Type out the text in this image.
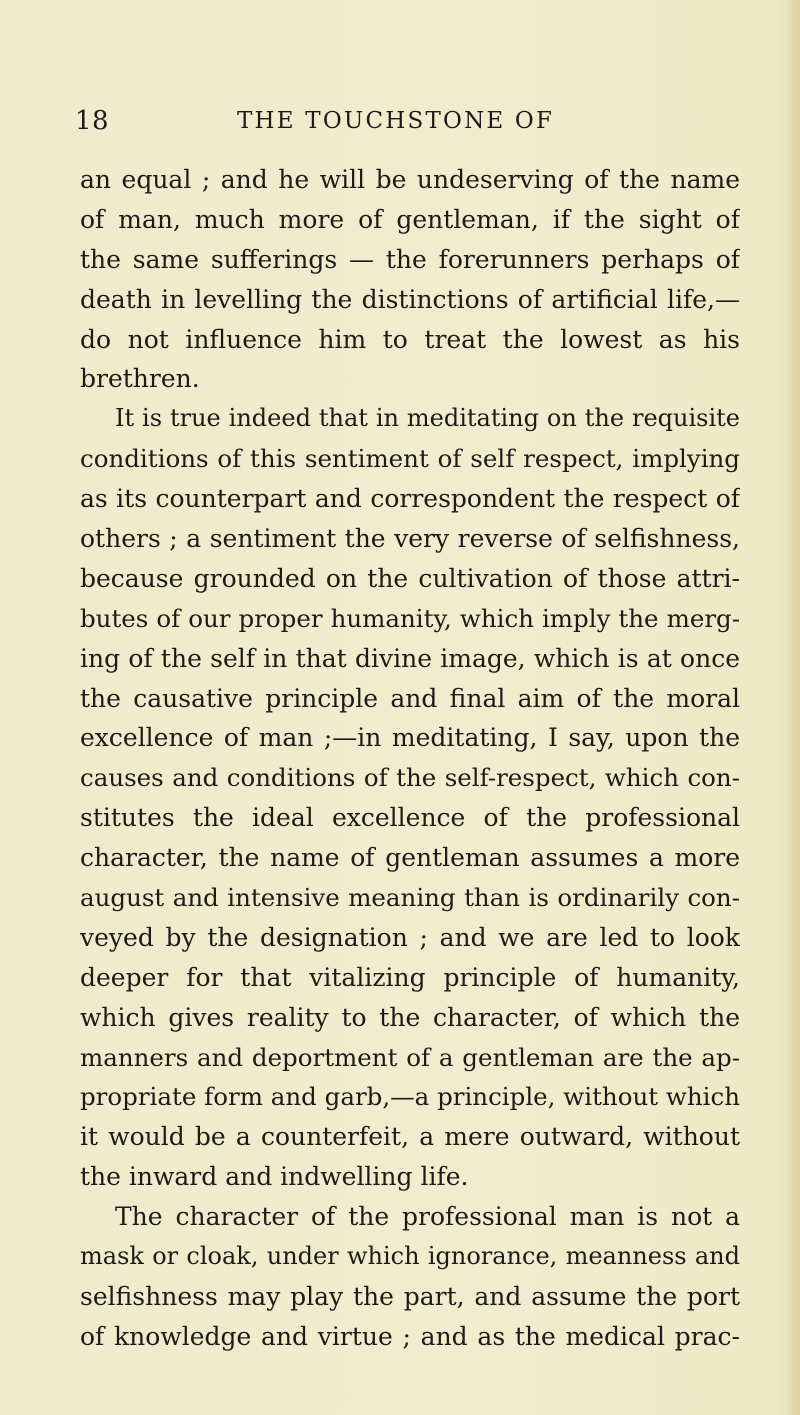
18	THE TOUCHSTONE OF
an equal ; and he will be undeserving of the name
of man, much more of gentleman, if the sight of
the same sufferings — the forerunners perhaps of
death in levelling the distinctions of artificial life,—
do not influence him to treat the lowest as his
brethren.
It is true indeed that in meditating on the requisite
conditions of this sentiment of self respect, implying
as its counterpart and correspondent the respect of
others ; a sentiment the very reverse of selfishness,
because grounded on the cultivation of those attri-
butes of our proper humanity, which imply the merg-
ing of the self in that divine image, which is at once
the causative principle and final aim of the moral
excellence of man ;—in meditating, I say, upon the
causes and conditions of the self-respect, which con-
stitutes the ideal excellence of the professional
character, the name of gentleman assumes a more
august and intensive meaning than is ordinarily con-
veyed by the designation ; and we are led to look
deeper for that vitalizing principle of humanity,
which gives reality to the character, of which the
manners and deportment of a gentleman are the ap-
propriate form and garb,—a principle, without which
it would be a counterfeit, a mere outward, without
the inward and indwelling life.
The character of the professional man is not a
mask or cloak, under which ignorance, meanness and
selfishness may play the part, and assume the port
of knowledge and virtue ; and as the medical prac-
